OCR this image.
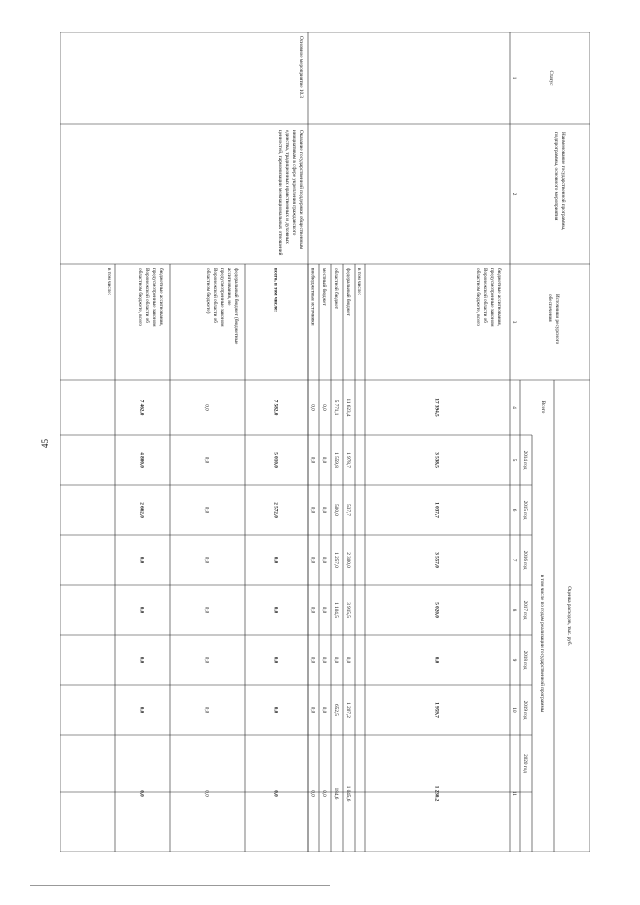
45
Статус
Наименование государственной программы,подпрограммы, основного мероприятия
Источники ресурсногообеспечения
Оценка расходов, тыс. руб.
Всего
в том числе по годам реализации государственной программы
2014 год
2015 год
2016 год
2017 год
2018 год
2019 год
2020 год
1
2
3
4
5
6
7
8
9
10
11
бюджетные ассигнования,предусмотренные закономВоронежской области обобластном бюджете, всего
17 394,5
3 538,5
1 037,7
3 557,0
5 020,0
0,0
1 959,7
1 230,2
в том числе:
федеральный бюджет
11 623,4
1 978,7
537,7
2 300,0
3 915,5
0,0
1 207,2
1 045,6
областной бюджет
5 771,1
1 559,8
500,0
1 257,0
1 104,5
0,0
652,5
184,6
местный бюджет
0,0
0,0
0,0
0,0
0,0
0,0
0,0
0,0
внебюджетные источники
0,0
0,0
0,0
0,0
0,0
0,0
0,0
0,0
Основное мероприятие 10.3
Оказание государственной поддержки общественныминициативам в сфере укрепления гражданскогоединства, традиционных нравственных и духовныхценностей, гармонизации межнациональных отношений
всего, в том числе:
7 582,0
5 010,0
2 572,0
0,0
0,0
0,0
0,0
0,0
федеральный бюджет (бюджетныеассигнования, непредусмотренные закономВоронежской области обобластном бюджете)
0,0
0,0
0,0
0,0
0,0
0,0
0,0
0,0
бюджетные ассигнования,предусмотренные закономВоронежской области обобластном бюджете, всего
7 462,0
4 800,0
2 662,0
0,0
0,0
0,0
0,0
0,0
в том числе:
